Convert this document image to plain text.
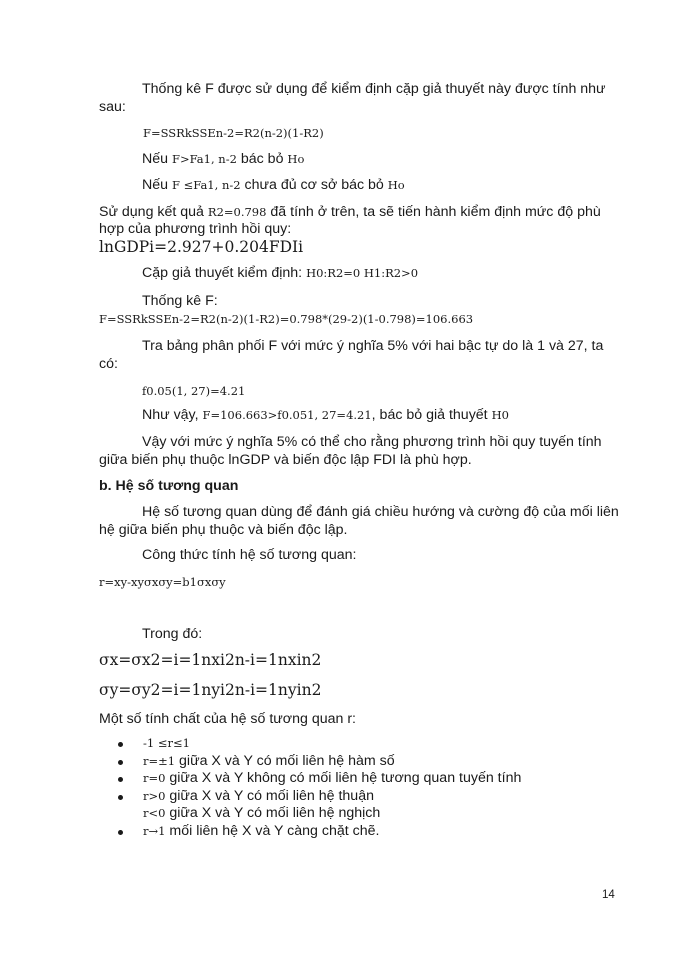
Thống kê F được sử dụng để kiểm định cặp giả thuyết này được tính như

sau:

F=SSRkSSEn-2=R2(n-2)(1-R2)

Nếu F>Fa1, n-2 bác bỏ Ho

Nếu F ≤Fa1, n-2 chưa đủ cơ sở bác bỏ Ho

Sử dụng kết quả R2=0.798 đã tính ở trên, ta sẽ tiến hành kiểm định mức độ phù

hợp của phương trình hồi quy:

lnGDPi=2.927+0.204FDIi

Cặp giả thuyết kiểm định: H0:R2=0 H1:R2>0

Thống kê F:

F=SSRkSSEn-2=R2(n-2)(1-R2)=0.798*(29-2)(1-0.798)=106.663

Tra bảng phân phối F với mức ý nghĩa 5% với hai bậc tự do là 1 và 27, ta

có:

f0.05(1, 27)=4.21

Như vậy, F=106.663>f0.051, 27=4.21, bác bỏ giả thuyết H0

Vậy với mức ý nghĩa 5% có thể cho rằng phương trình hồi quy tuyến tính

giữa biến phụ thuộc lnGDP và biến độc lập FDI là phù hợp.

b. Hệ số tương quan

Hệ số tương quan dùng để đánh giá chiều hướng và cường độ của mối liên

hệ giữa biến phụ thuộc và biến độc lập.

Công thức tính hệ số tương quan:

r=xy-xyσxσy=b1σxσy

Trong đó:

σx=σx2=i=1nxi2n-i=1nxin2

σy=σy2=i=1nyi2n-i=1nyin2

Một số tính chất của hệ số tương quan r:

-1 ≤r≤1
r=±1 giữa X và Y có mối liên hệ hàm số
r=0 giữa X và Y không có mối liên hệ tương quan tuyến tính
r>0 giữa X và Y có mối liên hệ thuận
r<0 giữa X và Y có mối liên hệ nghịch
r→1 mối liên hệ X và Y càng chặt chẽ.
14
